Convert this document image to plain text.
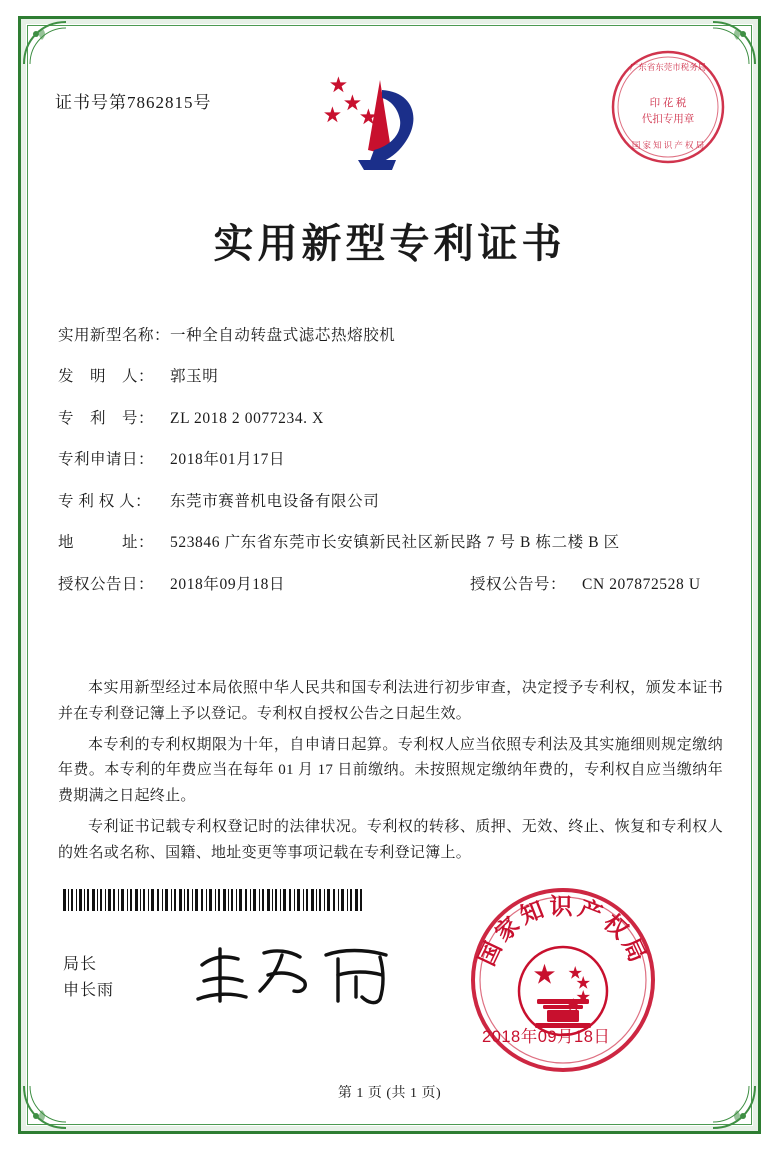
证书号第7862815号	印 花 税
代扣专用章
广东省东莞市税务局
国 家 知 识 产 权 局
实用新型专利证书
实用新型名称： 一种全自动转盘式滤芯热熔胶机
发　明　人：	郭玉明
专　利　号：	ZL 2018 2 0077234. X
专利申请日：	2018年01月17日
专 利 权 人：	东莞市赛普机电设备有限公司
地　　　址：	523846 广东省东莞市长安镇新民社区新民路 7 号 B 栋二楼 B 区
授权公告日：	2018年09月18日	授权公告号：	CN 207872528 U

本实用新型经过本局依照中华人民共和国专利法进行初步审查，决定授予专利权，颁发本证书并在专利登记簿上予以登记。专利权自授权公告之日起生效。

本专利的专利权期限为十年，自申请日起算。专利权人应当依照专利法及其实施细则规定缴纳年费。本专利的年费应当在每年 01 月 17 日前缴纳。未按照规定缴纳年费的，专利权自应当缴纳年费期满之日起终止。

专利证书记载专利权登记时的法律状况。专利权的转移、质押、无效、终止、恢复和专利权人的姓名或名称、国籍、地址变更等事项记载在专利登记簿上。

局长
申长雨
国家知识产权局
2018年09月18日
第 1 页 (共 1 页)
